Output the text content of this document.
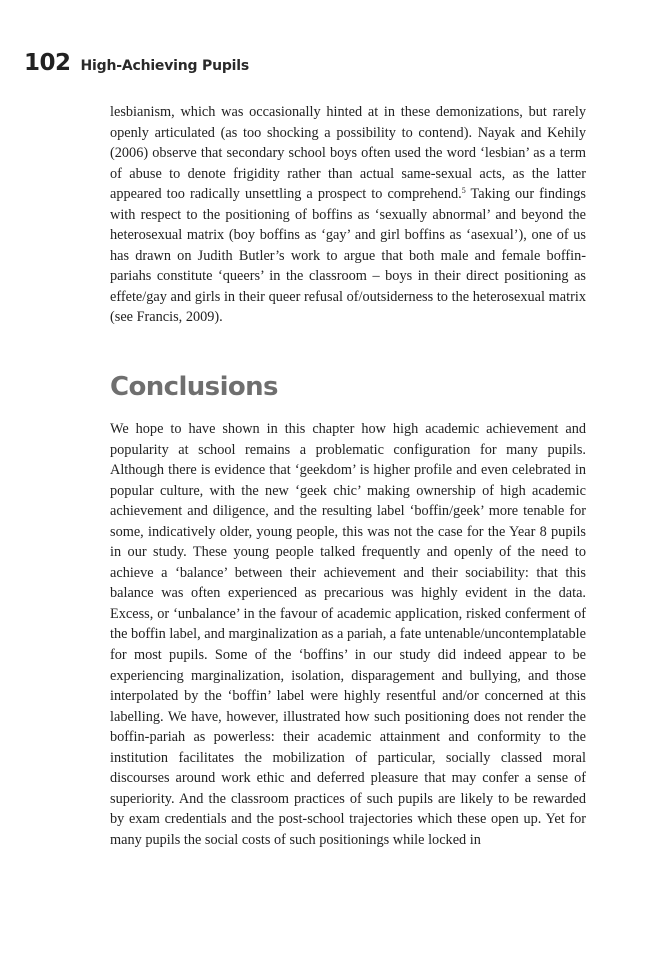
102 High-Achieving Pupils

lesbianism, which was occasionally hinted at in these demonizations, but rarely openly articulated (as too shocking a possibility to contend). Nayak and Kehily (2006) observe that secondary school boys often used the word ‘lesbian’ as a term of abuse to denote frigidity rather than actual same-sexual acts, as the latter appeared too radically unsettling a prospect to comprehend.$^5$ Taking our findings with respect to the positioning of boffins as ‘sexually abnormal’ and beyond the heterosexual matrix (boy boffins as ‘gay’ and girl boffins as ‘asexual’), one of us has drawn on Judith Butler’s work to argue that both male and female boffin-pariahs constitute ‘queers’ in the classroom – boys in their direct positioning as effete/gay and girls in their queer refusal of/outsiderness to the heterosexual matrix (see Francis, 2009).

Conclusions

We hope to have shown in this chapter how high academic achievement and popularity at school remains a problematic configuration for many pupils. Although there is evidence that ‘geekdom’ is higher profile and even celebrated in popular culture, with the new ‘geek chic’ making ownership of high academic achievement and diligence, and the resulting label ‘boffin/geek’ more tenable for some, indicatively older, young people, this was not the case for the Year 8 pupils in our study. These young people talked frequently and openly of the need to achieve a ‘balance’ between their achievement and their sociability: that this balance was often experienced as precarious was highly evident in the data. Excess, or ‘unbalance’ in the favour of academic application, risked conferment of the boffin label, and marginalization as a pariah, a fate untenable/uncontemplatable for most pupils. Some of the ‘boffins’ in our study did indeed appear to be experiencing marginalization, isolation, disparagement and bullying, and those interpolated by the ‘boffin’ label were highly resentful and/or concerned at this labelling. We have, however, illustrated how such positioning does not render the boffin-pariah as powerless: their academic attainment and conformity to the institution facilitates the mobilization of particular, socially classed moral discourses around work ethic and deferred pleasure that may confer a sense of superiority. And the classroom practices of such pupils are likely to be rewarded by exam credentials and the post-school trajectories which these open up. Yet for many pupils the social costs of such positionings while locked in
